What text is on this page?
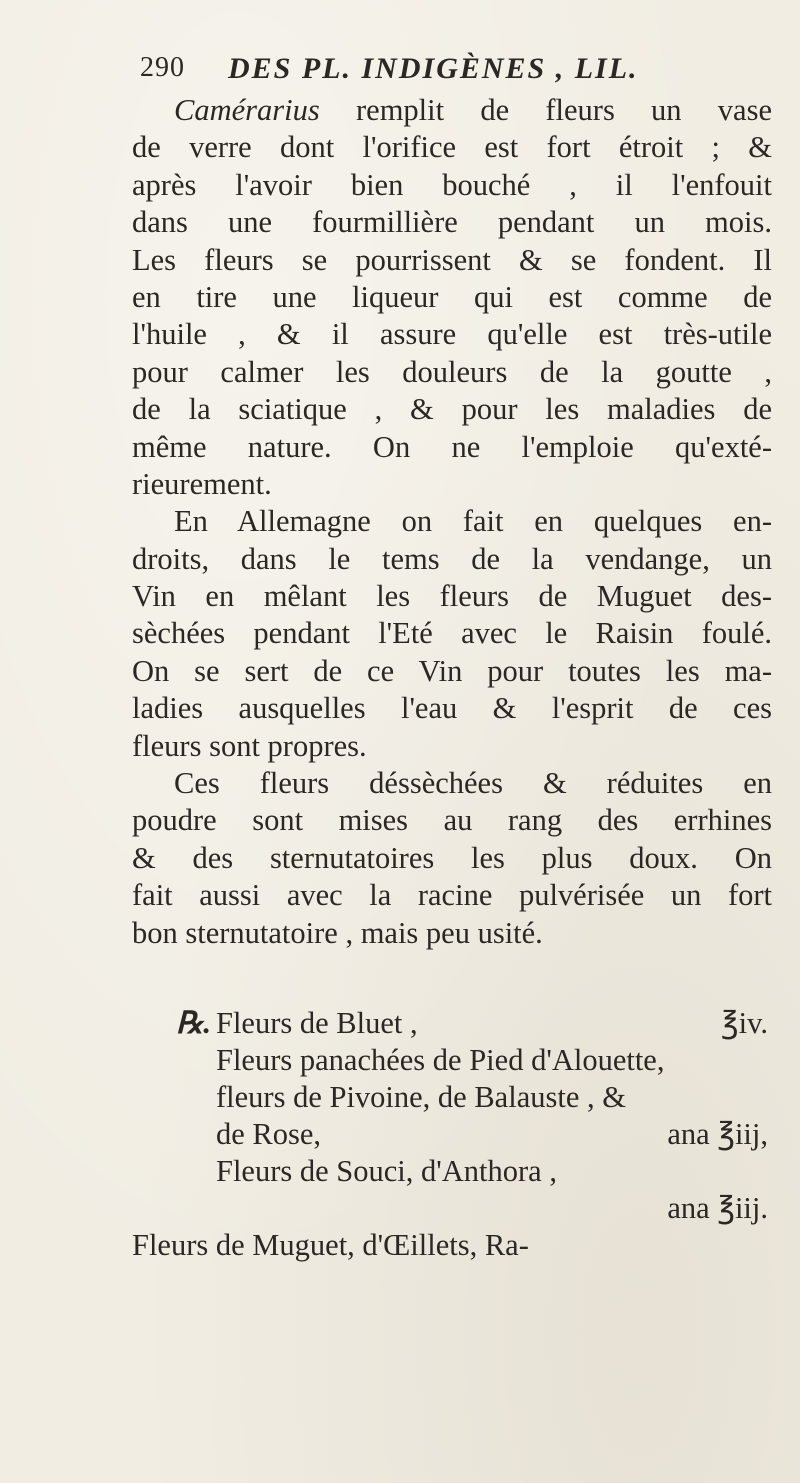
290 DES PL. INDIGÈNES , LIL.
Camérarius remplit de fleurs un vase
de verre dont l'orifice est fort étroit ; &
après l'avoir bien bouché , il l'enfouit
dans une fourmillière pendant un mois.
Les fleurs se pourrissent & se fondent. Il
en tire une liqueur qui est comme de
l'huile , & il assure qu'elle est très-utile
pour calmer les douleurs de la goutte ,
de la sciatique , & pour les maladies de
même nature. On ne l'emploie qu'exté-
rieurement.
En Allemagne on fait en quelques en-
droits, dans le tems de la vendange, un
Vin en mêlant les fleurs de Muguet des-
sèchées pendant l'Eté avec le Raisin foulé.
On se sert de ce Vin pour toutes les ma-
ladies ausquelles l'eau & l'esprit de ces
fleurs sont propres.
Ces fleurs déssèchées & réduites en
poudre sont mises au rang des errhines
& des sternutatoires les plus doux. On
fait aussi avec la racine pulvérisée un fort
bon sternutatoire , mais peu usité.
℞. Fleurs de Bluet ,	℥iv.
Fleurs panachées de Pied d'Alouette,
fleurs de Pivoine, de Balauste , &
de Rose,	ana ℥iij,
Fleurs de Souci, d'Anthora ,
ana ℥iij.
Fleurs de Muguet, d'Œillets, Ra-
